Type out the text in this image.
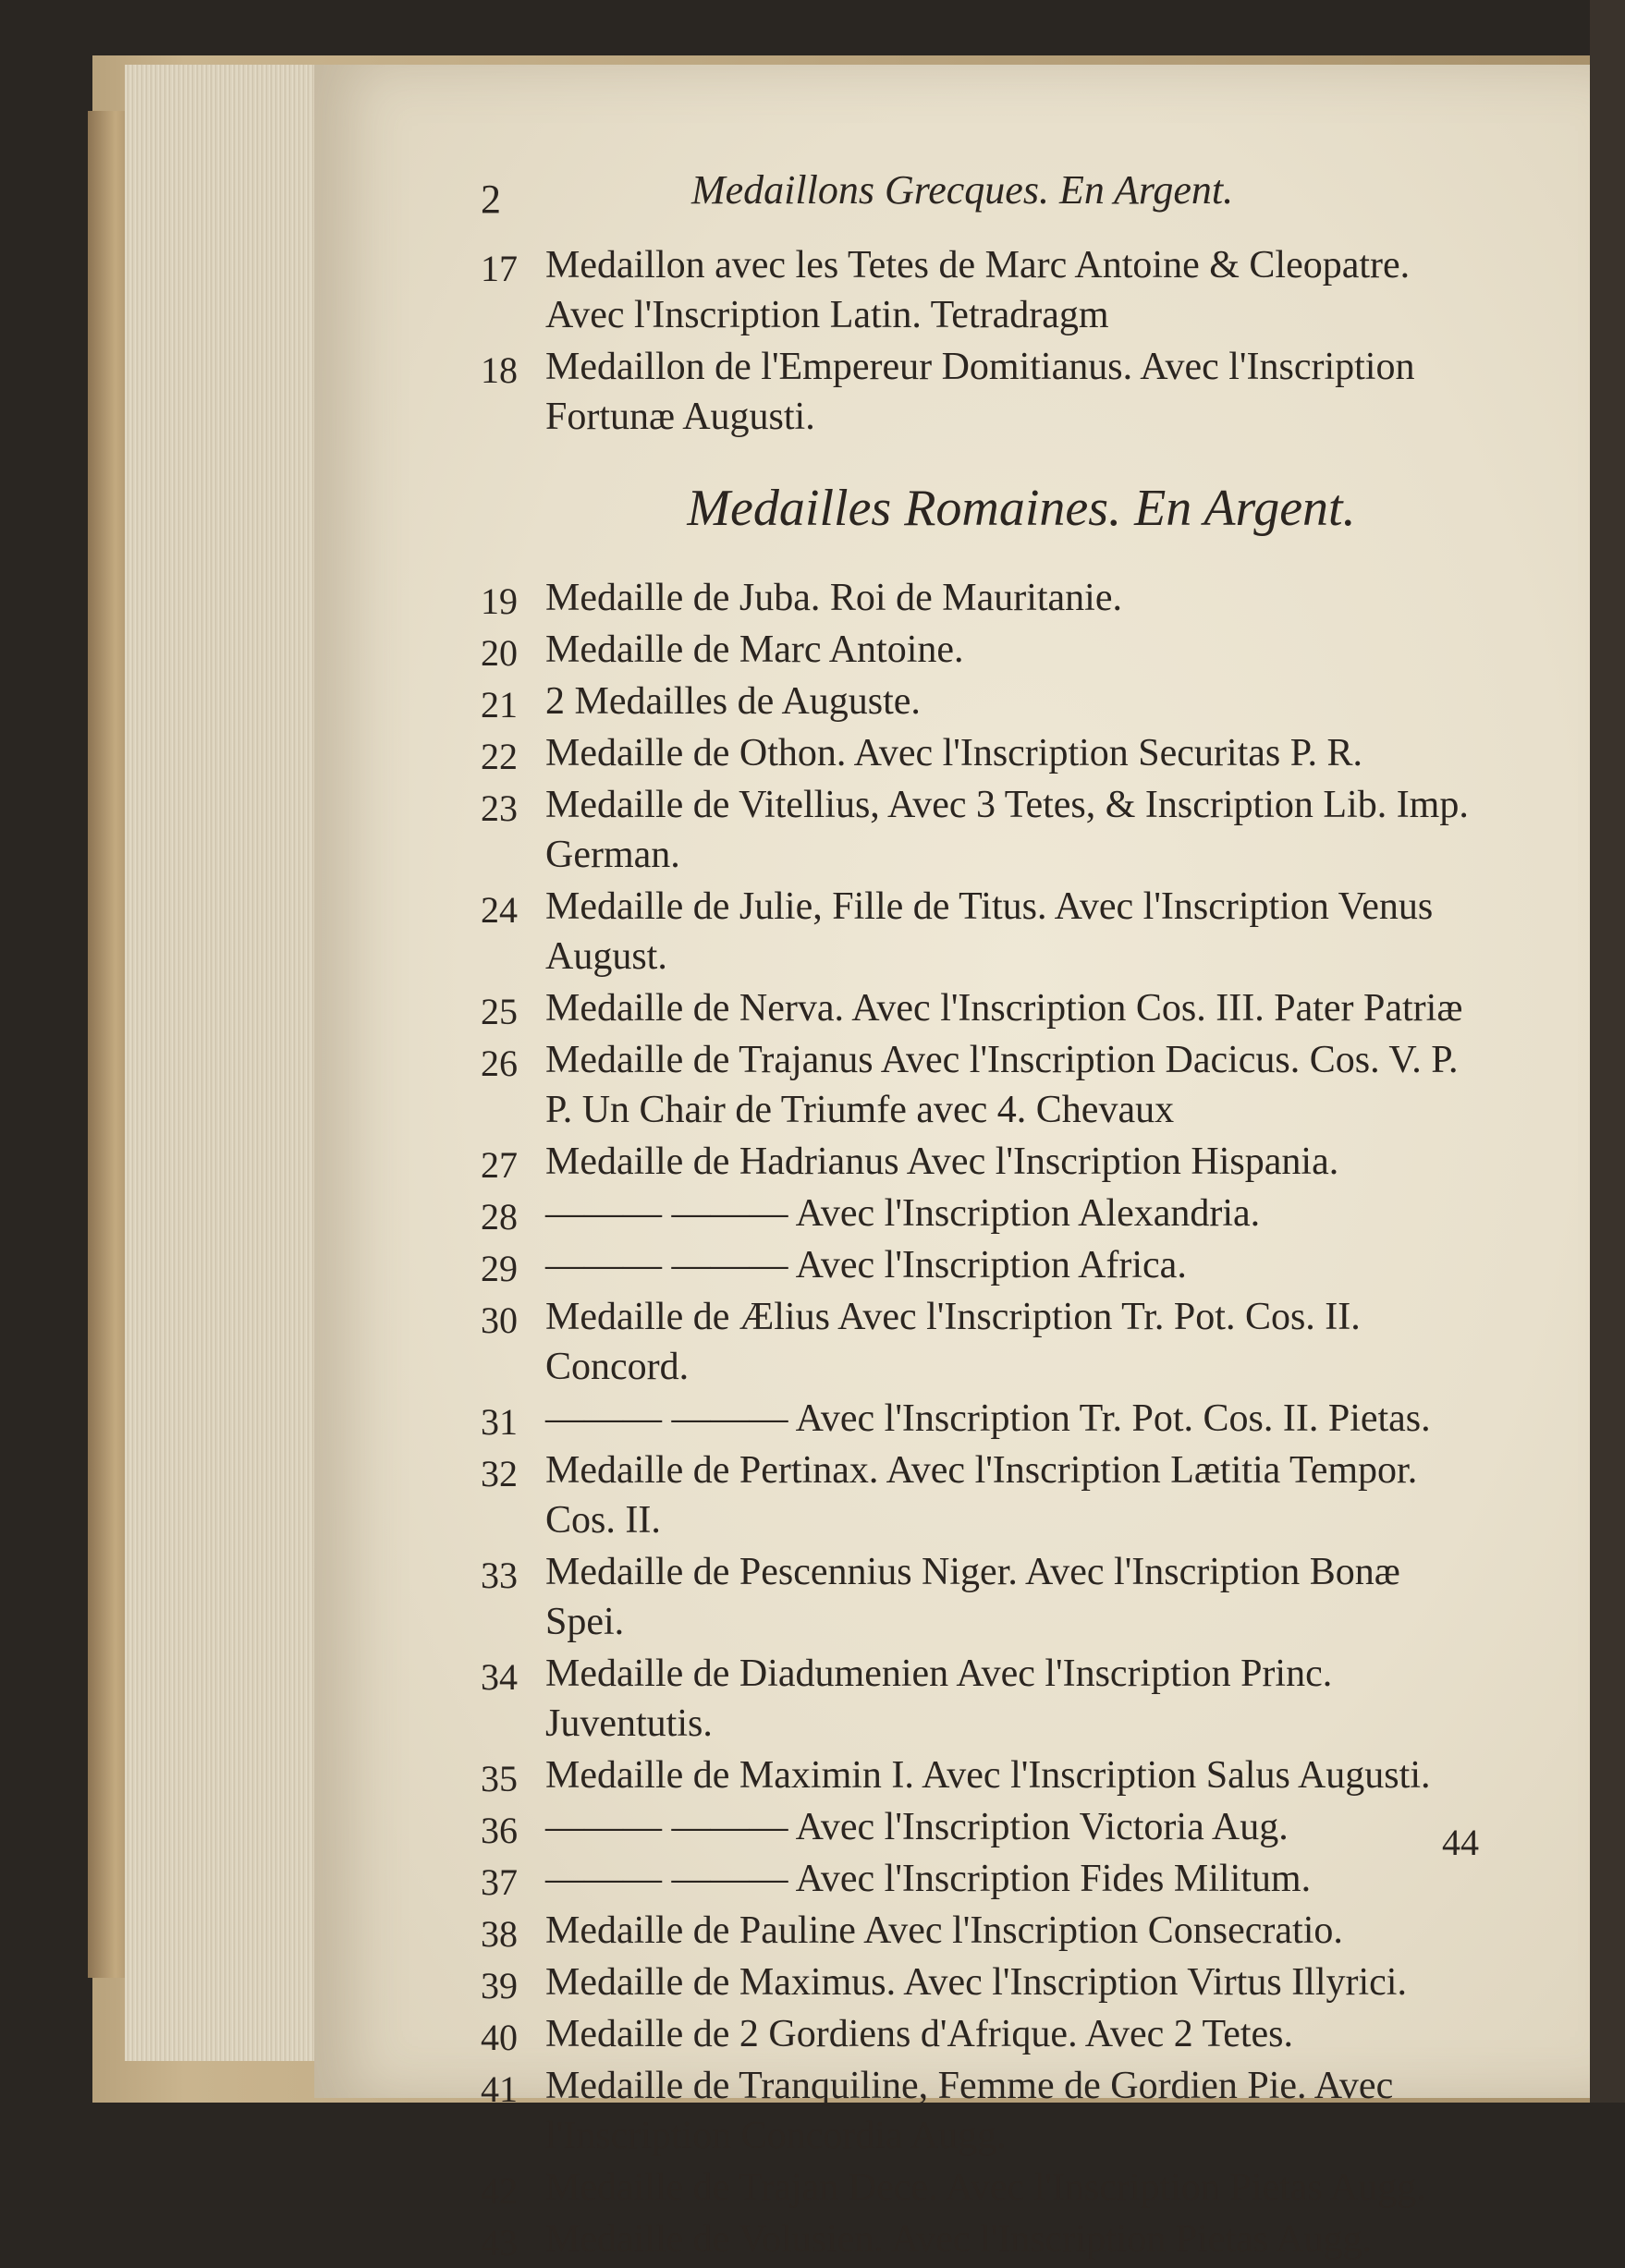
2	Medaillons Grecques. En Argent.
17 Medaillon avec les Tetes de Marc Antoine & Cleopatre. Avec l'Inscription Latin. Tetradragm
18 Medaillon de l'Empereur Domitianus. Avec l'Inscription Fortunæ Augusti.
Medailles Romaines. En Argent.
19 Medaille de Juba. Roi de Mauritanie.
20 Medaille de Marc Antoine.
21 2 Medailles de Auguste.
22 Medaille de Othon. Avec l'Inscription Securitas P. R.
23 Medaille de Vitellius, Avec 3 Tetes, & Inscription Lib. Imp. German.
24 Medaille de Julie, Fille de Titus. Avec l'Inscription Venus August.
25 Medaille de Nerva. Avec l'Inscription Cos. III. Pater Patriæ
26 Medaille de Trajanus Avec l'Inscription Dacicus. Cos. V. P. P. Un Chair de Triumfe avec 4. Chevaux
27 Medaille de Hadrianus Avec l'Inscription Hispania.
28 ——— ——— Avec l'Inscription Alexandria.
29 ——— ——— Avec l'Inscription Africa.
30 Medaille de Ælius Avec l'Inscription Tr. Pot. Cos. II. Concord.
31 ——— ——— Avec l'Inscription Tr. Pot. Cos. II. Pietas.
32 Medaille de Pertinax. Avec l'Inscription Lætitia Tempor. Cos. II.
33 Medaille de Pescennius Niger. Avec l'Inscription Bonæ Spei.
34 Medaille de Diadumenien Avec l'Inscription Princ. Juventutis.
35 Medaille de Maximin I. Avec l'Inscription Salus Augusti.
36 ——— ——— Avec l'Inscription Victoria Aug.
37 ——— ——— Avec l'Inscription Fides Militum.
38 Medaille de Pauline Avec l'Inscription Consecratio.
39 Medaille de Maximus. Avec l'Inscription Virtus Illyrici.
40 Medaille de 2 Gordiens d'Afrique. Avec 2 Tetes.
41 Medaille de Tranquiline, Femme de Gordien Pie. Avec l'Inscription Concordia Augg.
42 Medaille de Trajan Dece. Avec l'Inscription Pietas Augg.
43 Medaille de Volusien. Avec l'Inscription Pietas Augg.
44
